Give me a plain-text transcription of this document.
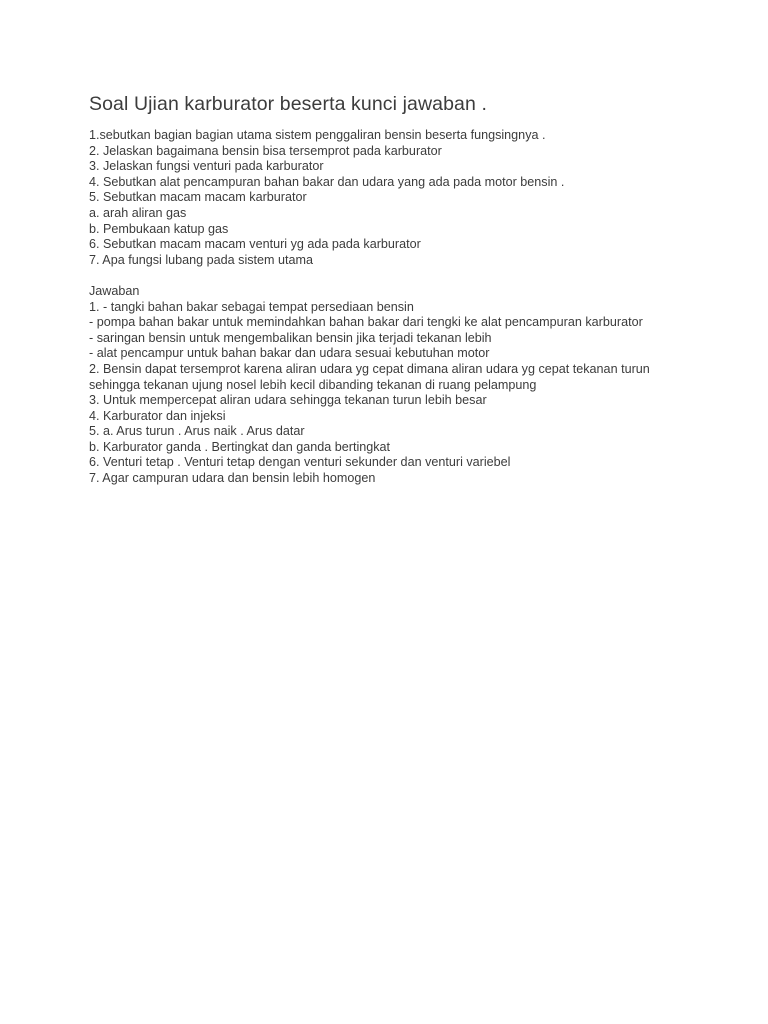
Soal Ujian karburator beserta kunci jawaban .

1.sebutkan bagian bagian utama sistem penggaliran bensin beserta fungsingnya .

2. Jelaskan bagaimana bensin bisa tersemprot pada karburator

3. Jelaskan fungsi venturi pada karburator

4. Sebutkan alat pencampuran bahan bakar dan udara yang ada pada motor bensin .

5. Sebutkan macam macam karburator

a. arah aliran gas

b. Pembukaan katup gas

6. Sebutkan macam macam venturi yg ada pada karburator

7. Apa fungsi lubang pada sistem utama

Jawaban

1. - tangki bahan bakar sebagai tempat persediaan bensin

- pompa bahan bakar untuk memindahkan bahan bakar dari tengki ke alat pencampuran karburator

- saringan bensin untuk mengembalikan bensin jika terjadi tekanan lebih

- alat pencampur untuk bahan bakar dan udara sesuai kebutuhan motor

2. Bensin dapat tersemprot karena aliran udara yg cepat dimana aliran udara yg cepat tekanan turun

sehingga tekanan ujung nosel lebih kecil dibanding tekanan di ruang pelampung

3. Untuk mempercepat aliran udara sehingga tekanan turun lebih besar

4. Karburator dan injeksi

5. a. Arus turun . Arus naik . Arus datar

b. Karburator ganda . Bertingkat dan ganda bertingkat

6. Venturi tetap . Venturi tetap dengan venturi sekunder dan venturi variebel

7. Agar campuran udara dan bensin lebih homogen
